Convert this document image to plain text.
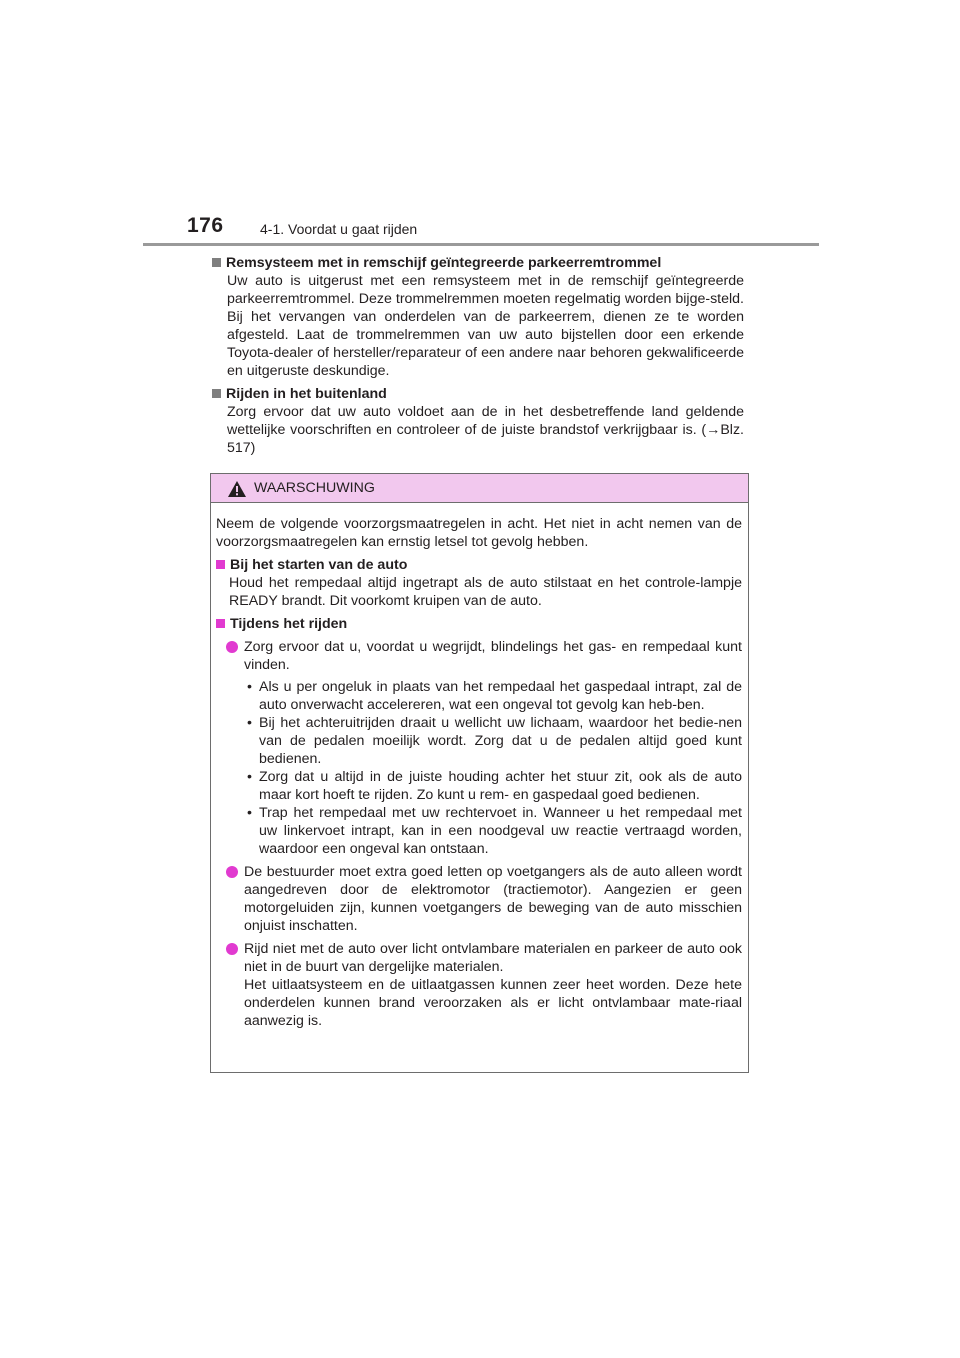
176	4-1. Voordat u gaat rijden
Remsysteem met in remschijf geïntegreerde parkeerremtrommel
Uw auto is uitgerust met een remsysteem met in de remschijf geïntegreerde parkeerremtrommel. Deze trommelremmen moeten regelmatig worden bijge-steld. Bij het vervangen van onderdelen van de parkeerrem, dienen ze te worden afgesteld. Laat de trommelremmen van uw auto bijstellen door een erkende Toyota-dealer of hersteller/reparateur of een andere naar behoren gekwalificeerde en uitgeruste deskundige.
Rijden in het buitenland
Zorg ervoor dat uw auto voldoet aan de in het desbetreffende land geldende wettelijke voorschriften en controleer of de juiste brandstof verkrijgbaar is. (→Blz. 517)
WAARSCHUWING
Neem de volgende voorzorgsmaatregelen in acht. Het niet in acht nemen van de voorzorgsmaatregelen kan ernstig letsel tot gevolg hebben.
Bij het starten van de auto
Houd het rempedaal altijd ingetrapt als de auto stilstaat en het controle-lampje READY brandt. Dit voorkomt kruipen van de auto.
Tijdens het rijden
Zorg ervoor dat u, voordat u wegrijdt, blindelings het gas- en rempedaal kunt vinden.
• Als u per ongeluk in plaats van het rempedaal het gaspedaal intrapt, zal de auto onverwacht accelereren, wat een ongeval tot gevolg kan heb-ben.
• Bij het achteruitrijden draait u wellicht uw lichaam, waardoor het bedie-nen van de pedalen moeilijk wordt. Zorg dat u de pedalen altijd goed kunt bedienen.
• Zorg dat u altijd in de juiste houding achter het stuur zit, ook als de auto maar kort hoeft te rijden. Zo kunt u rem- en gaspedaal goed bedienen.
• Trap het rempedaal met uw rechtervoet in. Wanneer u het rempedaal met uw linkervoet intrapt, kan in een noodgeval uw reactie vertraagd worden, waardoor een ongeval kan ontstaan.
De bestuurder moet extra goed letten op voetgangers als de auto alleen wordt aangedreven door de elektromotor (tractiemotor). Aangezien er geen motorgeluiden zijn, kunnen voetgangers de beweging van de auto misschien onjuist inschatten.
Rijd niet met de auto over licht ontvlambare materialen en parkeer de auto ook niet in de buurt van dergelijke materialen.
Het uitlaatsysteem en de uitlaatgassen kunnen zeer heet worden. Deze hete onderdelen kunnen brand veroorzaken als er licht ontvlambaar mate-riaal aanwezig is.
